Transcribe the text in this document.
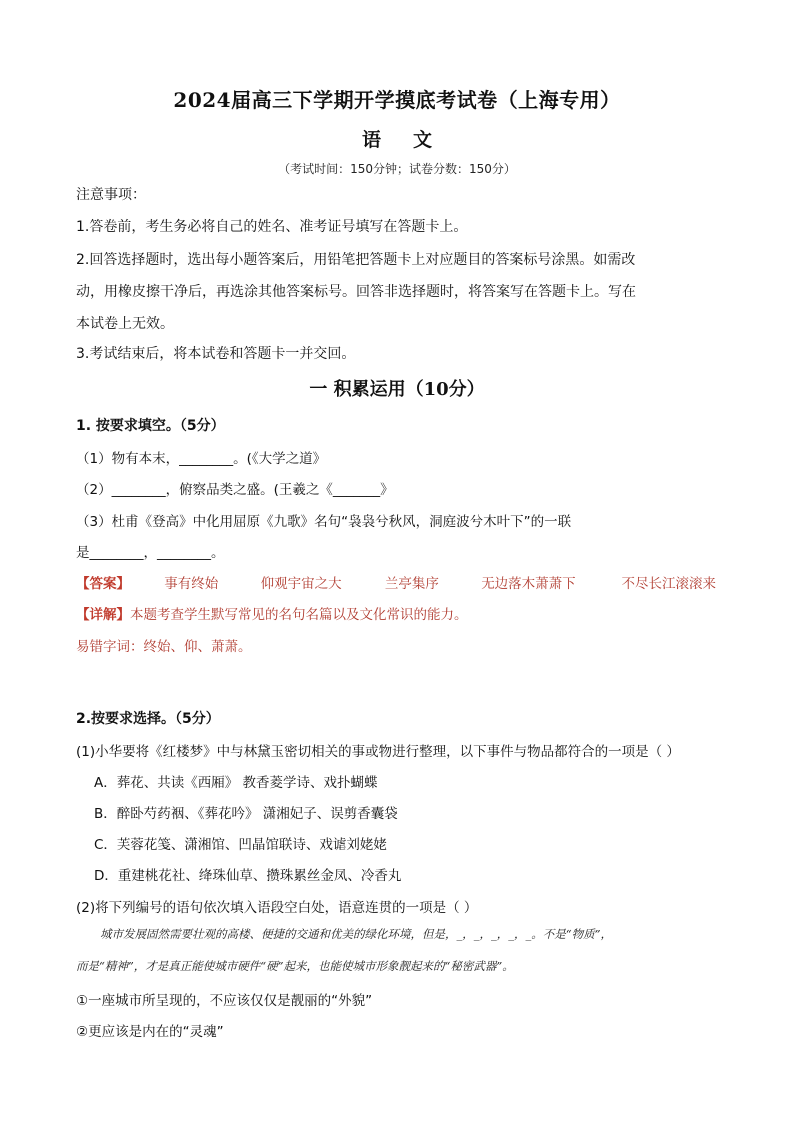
2024届高三下学期开学摸底考试卷（上海专用）
语文
（考试时间：150分钟；试卷分数：150分）
注意事项：
1.答卷前，考生务必将自己的姓名、准考证号填写在答题卡上。
2.回答选择题时，选出每小题答案后，用铅笔把答题卡上对应题目的答案标号涂黑。如需改
动，用橡皮擦干净后，再选涂其他答案标号。回答非选择题时，将答案写在答题卡上。写在
本试卷上无效。
3.考试结束后，将本试卷和答题卡一并交回。
一 积累运用（10分）
1. 按要求填空。（5分）
（1）物有本末，________。(《大学之道》
（2）________，俯察品类之盛。(王羲之《_______》
（3）杜甫《登高》中化用屈原《九歌》名句“袅袅兮秋风，洞庭波兮木叶下”的一联
是________，________。
【答案】	事有终始	仰观宇宙之大	兰亭集序	无边落木萧萧下	不尽长江滚滚来
【详解】本题考查学生默写常见的名句名篇以及文化常识的能力。
易错字词：终始、仰、萧萧。
2.按要求选择。（5分）
(1)小华要将《红楼梦》中与林黛玉密切相关的事或物进行整理，以下事件与物品都符合的一项是（ ）
A．葬花、共读《西厢》 教香菱学诗、戏扑蝴蝶
B．醉卧芍药裀、《葬花吟》 潇湘妃子、误剪香囊袋
C．芙蓉花笺、潇湘馆、凹晶馆联诗、戏谑刘姥姥
D．重建桃花社、绛珠仙草、攒珠累丝金凤、冷香丸
(2)将下列编号的语句依次填入语段空白处，语意连贯的一项是（ ）
城市发展固然需要壮观的高楼、便捷的交通和优美的绿化环境，但是，_，_，_，_，_。不是“物质”，
而是“精神”，才是真正能使城市硬件“硬”起来，也能使城市形象靓起来的“秘密武器”。
①一座城市所呈现的，不应该仅仅是靓丽的“外貌”
②更应该是内在的“灵魂”
